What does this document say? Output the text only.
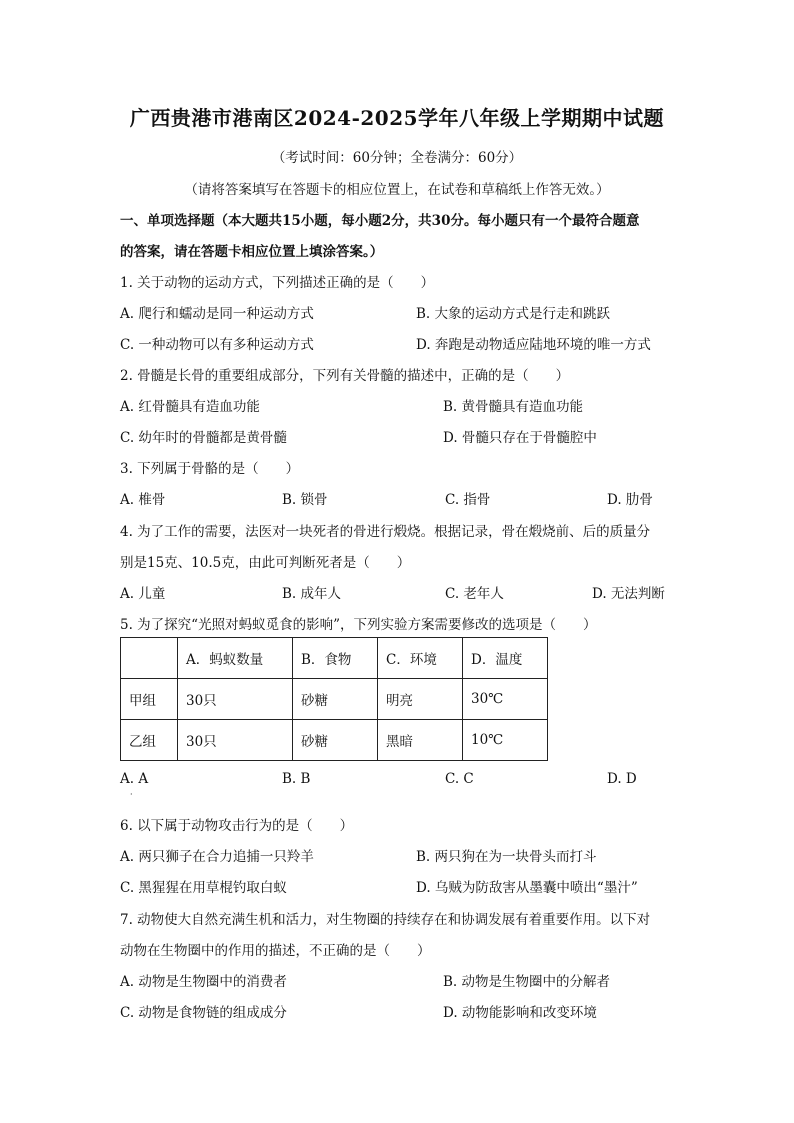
广西贵港市港南区2024-2025学年八年级上学期期中试题
（考试时间：60分钟；全卷满分：60分）
（请将答案填写在答题卡的相应位置上，在试卷和草稿纸上作答无效。）
一、单项选择题（本大题共15小题，每小题2分，共30分。每小题只有一个最符合题意
的答案，请在答题卡相应位置上填涂答案。）
1. 关于动物的运动方式，下列描述正确的是（　　）
A. 爬行和蠕动是同一种运动方式	B. 大象的运动方式是行走和跳跃
C. 一种动物可以有多种运动方式	D. 奔跑是动物适应陆地环境的唯一方式
2. 骨髓是长骨的重要组成部分，下列有关骨髓的描述中，正确的是（　　）
A. 红骨髓具有造血功能	B. 黄骨髓具有造血功能
C. 幼年时的骨髓都是黄骨髓	D. 骨髓只存在于骨髓腔中
3. 下列属于骨骼的是（　　）
A. 椎骨	B. 锁骨	C. 指骨	D. 肋骨
4. 为了工作的需要，法医对一块死者的骨进行煅烧。根据记录，骨在煅烧前、后的质量分
别是15克、10.5克，由此可判断死者是（　　）
A. 儿童	B. 成年人	C. 老年人	D. 无法判断
5. 为了探究“光照对蚂蚁觅食的影响”，下列实验方案需要修改的选项是（　　）
	A．蚂蚁数量	B．食物	C．环境	D．温度
甲组	30只	砂糖	明亮	30℃
乙组	30只	砂糖	黑暗	10℃
A. A	B. B	C. C	D. D
·
6. 以下属于动物攻击行为的是（　　）
A. 两只狮子在合力追捕一只羚羊	B. 两只狗在为一块骨头而打斗
C. 黑猩猩在用草棍钓取白蚁	D. 乌贼为防敌害从墨囊中喷出“墨汁”
7. 动物使大自然充满生机和活力，对生物圈的持续存在和协调发展有着重要作用。以下对
动物在生物圈中的作用的描述，不正确的是（　　）
A. 动物是生物圈中的消费者	B. 动物是生物圈中的分解者
C. 动物是食物链的组成成分	D. 动物能影响和改变环境
